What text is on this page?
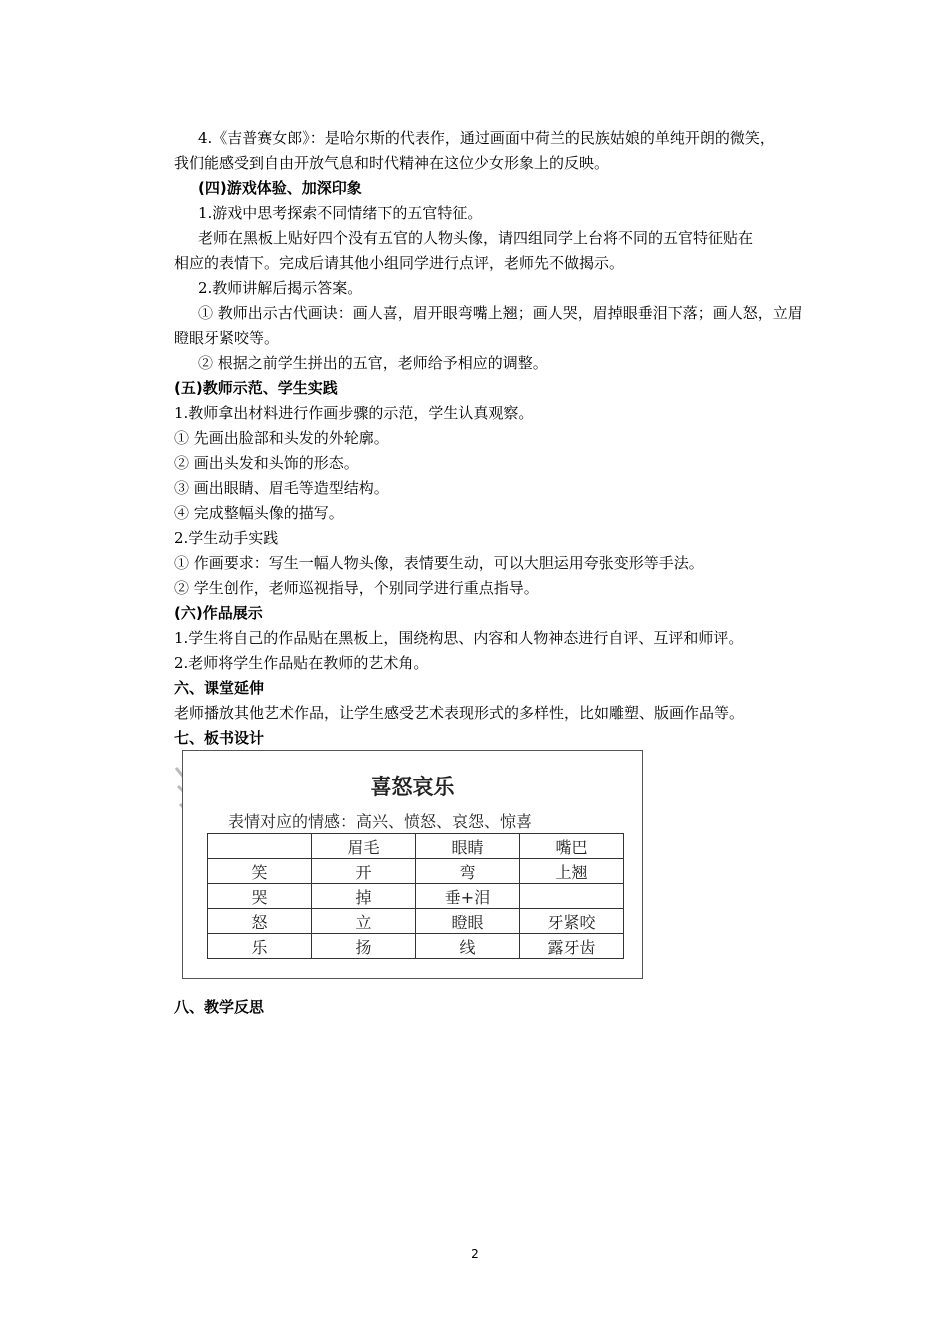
4.《吉普赛女郎》：是哈尔斯的代表作，通过画面中荷兰的民族姑娘的单纯开朗的微笑，
我们能感受到自由开放气息和时代精神在这位少女形象上的反映。
(四)游戏体验、加深印象
1.游戏中思考探索不同情绪下的五官特征。
老师在黑板上贴好四个没有五官的人物头像，请四组同学上台将不同的五官特征贴在
相应的表情下。完成后请其他小组同学进行点评，老师先不做揭示。
2.教师讲解后揭示答案。
① 教师出示古代画诀：画人喜，眉开眼弯嘴上翘；画人哭，眉掉眼垂泪下落；画人怒，立眉
瞪眼牙紧咬等。
② 根据之前学生拼出的五官，老师给予相应的调整。
(五)教师示范、学生实践
1.教师拿出材料进行作画步骤的示范，学生认真观察。
① 先画出脸部和头发的外轮廓。
② 画出头发和头饰的形态。
③ 画出眼睛、眉毛等造型结构。
④ 完成整幅头像的描写。
2.学生动手实践
① 作画要求：写生一幅人物头像，表情要生动，可以大胆运用夸张变形等手法。
② 学生创作，老师巡视指导，个别同学进行重点指导。
(六)作品展示
1.学生将自己的作品贴在黑板上，围绕构思、内容和人物神态进行自评、互评和师评。
2.老师将学生作品贴在教师的艺术角。
六、课堂延伸
老师播放其他艺术作品，让学生感受艺术表现形式的多样性，比如雕塑、版画作品等。
七、板书设计
喜怒哀乐
表情对应的情感：高兴、愤怒、哀怨、惊喜
	眉毛	眼睛	嘴巴
笑	开	弯	上翘
哭	掉	垂+泪	
怒	立	瞪眼	牙紧咬
乐	扬	线	露牙齿
八、教学反思
2
